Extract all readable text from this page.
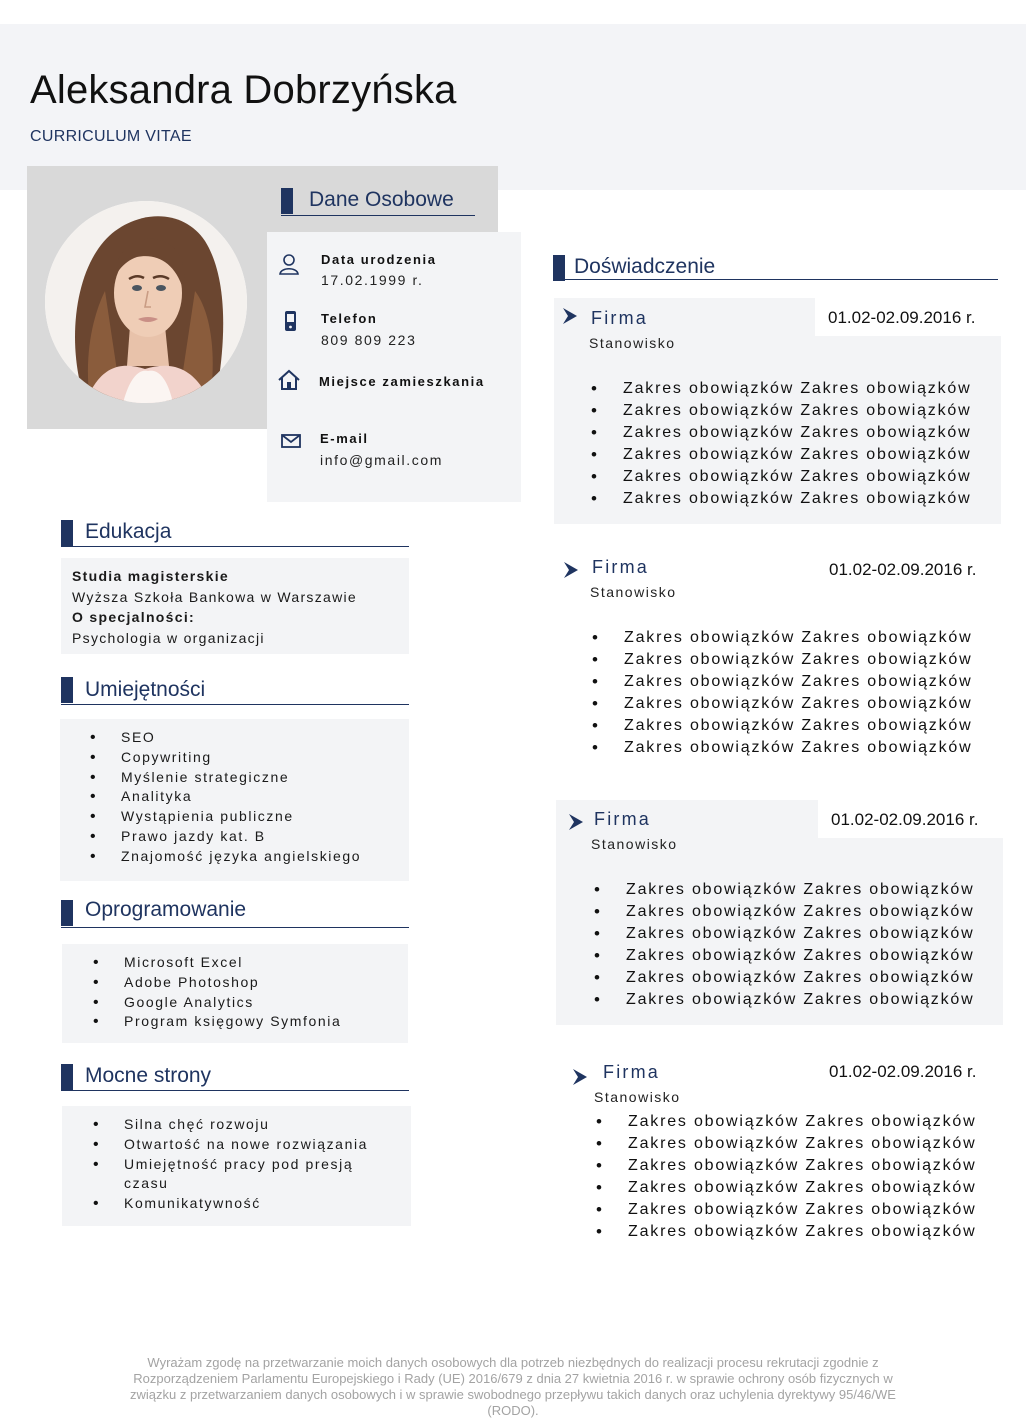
Aleksandra Dobrzyńska
CURRICULUM VITAE
Dane Osobowe
Data urodzenia
17.02.1999 r.
Telefon
809 809 223
Miejsce zamieszkania
E-mail
info@gmail.com
Edukacja
Studia magisterskie
Wyższa Szkoła Bankowa w Warszawie
O specjalności:
Psychologia w organizacji
Umiejętności
• SEO
• Copywriting
• Myślenie strategiczne
• Analityka
• Wystąpienia publiczne
• Prawo jazdy kat. B
• Znajomość języka angielskiego
Oprogramowanie
• Microsoft Excel
• Adobe Photoshop
• Google Analytics
• Program księgowy Symfonia
Mocne strony
• Silna chęć rozwoju
• Otwartość na nowe rozwiązania
• Umiejętność pracy pod presją czasu
• Komunikatywność
Doświadczenie
01.02-02.09.2016 r.
Firma
Stanowisko
• Zakres obowiązków Zakres obowiązków
• Zakres obowiązków Zakres obowiązków
• Zakres obowiązków Zakres obowiązków
• Zakres obowiązków Zakres obowiązków
• Zakres obowiązków Zakres obowiązków
• Zakres obowiązków Zakres obowiązków
01.02-02.09.2016 r.
Firma
Stanowisko
• Zakres obowiązków Zakres obowiązków
• Zakres obowiązków Zakres obowiązków
• Zakres obowiązków Zakres obowiązków
• Zakres obowiązków Zakres obowiązków
• Zakres obowiązków Zakres obowiązków
• Zakres obowiązków Zakres obowiązków
01.02-02.09.2016 r.
Firma
Stanowisko
• Zakres obowiązków Zakres obowiązków
• Zakres obowiązków Zakres obowiązków
• Zakres obowiązków Zakres obowiązków
• Zakres obowiązków Zakres obowiązków
• Zakres obowiązków Zakres obowiązków
• Zakres obowiązków Zakres obowiązków
01.02-02.09.2016 r.
Firma
Stanowisko
• Zakres obowiązków Zakres obowiązków
• Zakres obowiązków Zakres obowiązków
• Zakres obowiązków Zakres obowiązków
• Zakres obowiązków Zakres obowiązków
• Zakres obowiązków Zakres obowiązków
• Zakres obowiązków Zakres obowiązków
Wyrażam zgodę na przetwarzanie moich danych osobowych dla potrzeb niezbędnych do realizacji procesu rekrutacji zgodnie z Rozporządzeniem Parlamentu Europejskiego i Rady (UE) 2016/679 z dnia 27 kwietnia 2016 r. w sprawie ochrony osób fizycznych w związku z przetwarzaniem danych osobowych i w sprawie swobodnego przepływu takich danych oraz uchylenia dyrektywy 95/46/WE (RODO).
